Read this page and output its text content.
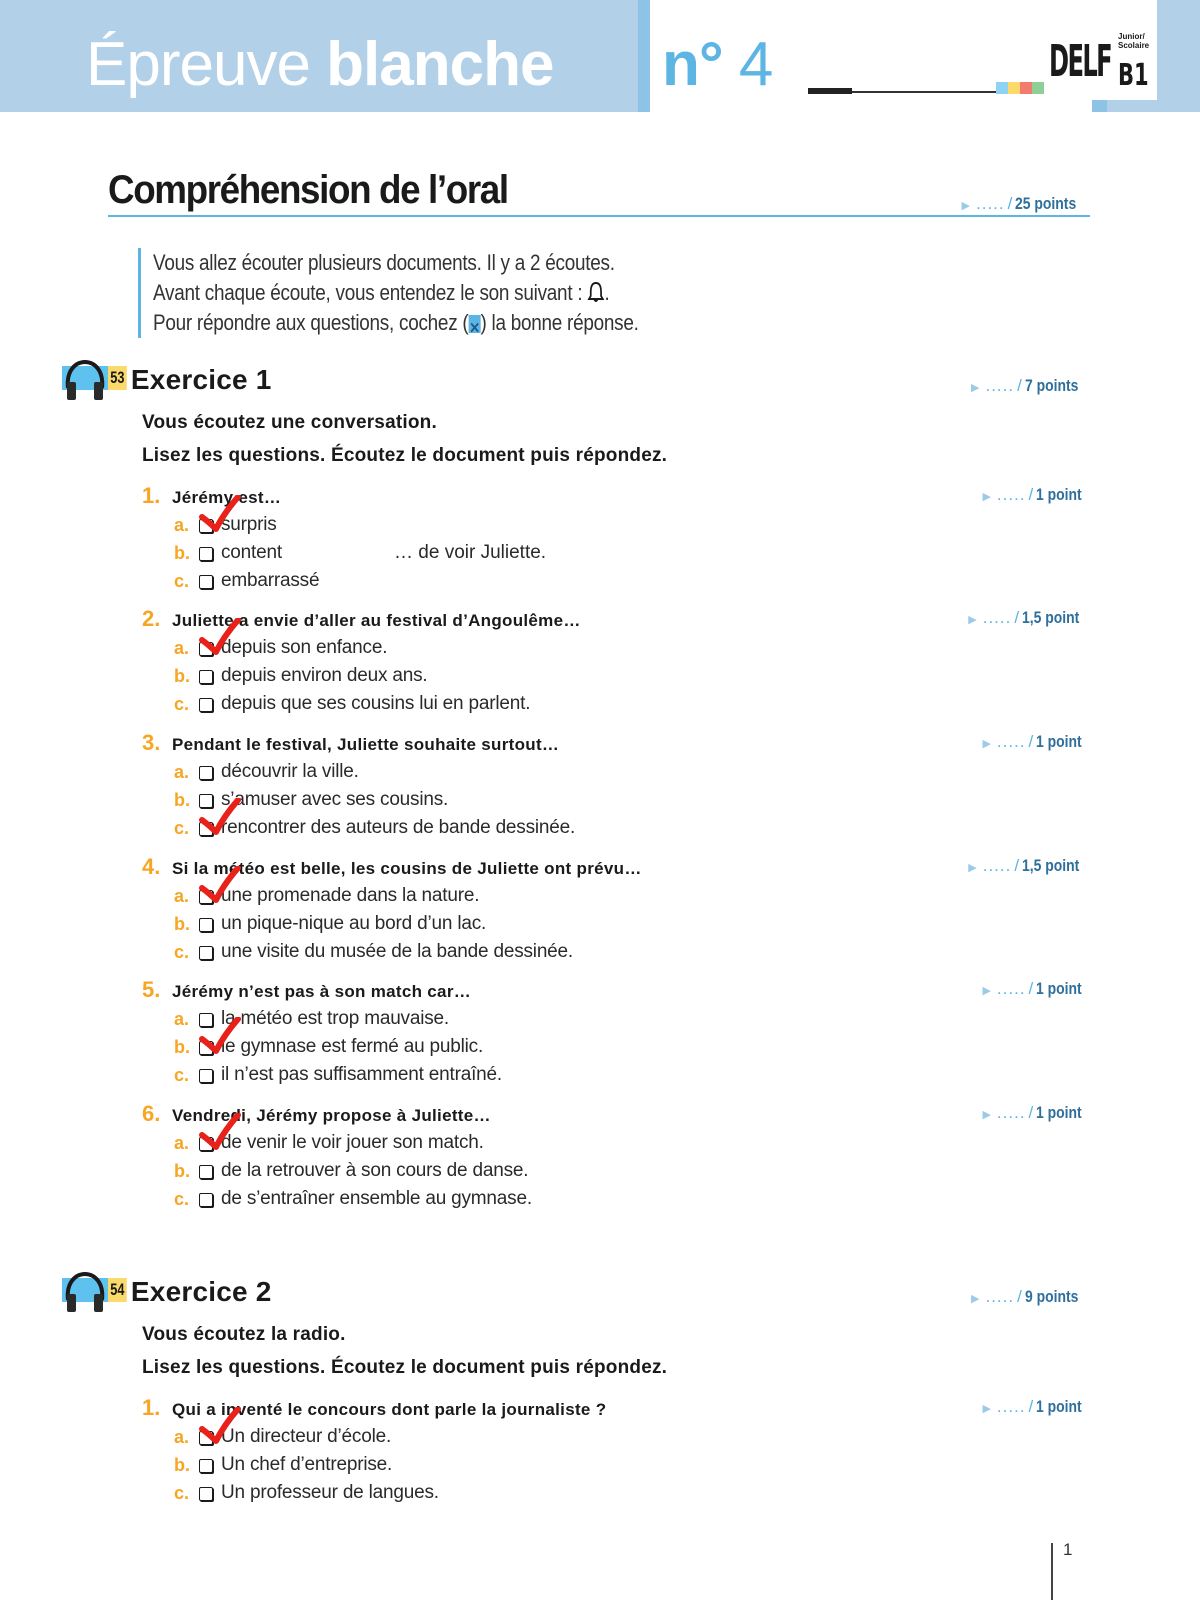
Épreuve blanche n° 4	DELF Junior/
Scolaire
B1
Compréhension de l’oral	▶ ..... / 25 points

Vous allez écouter plusieurs documents. Il y a 2 écoutes.

Avant chaque écoute, vous entendez le son suivant : .

Pour répondre aux questions, cochez ( ✕ ) la bonne réponse.

53 Exercice 1	▶ ..... / 7 points
Vous écoutez une conversation.
Lisez les questions. Écoutez le document puis répondez.
1. Jérémy est…	▶ ..... / 1 point
a.	surpris
b.	content	… de voir Juliette.
c.	embarrassé
2. Juliette a envie d’aller au festival d’Angoulême…	▶ ..... / 1,5 point
a.	depuis son enfance.
b.	depuis environ deux ans.
c.	depuis que ses cousins lui en parlent.
3. Pendant le festival, Juliette souhaite surtout…	▶ ..... / 1 point
a.	découvrir la ville.
b.	s’amuser avec ses cousins.
c.	rencontrer des auteurs de bande dessinée.
4. Si la météo est belle, les cousins de Juliette ont prévu…	▶ ..... / 1,5 point
a.	une promenade dans la nature.
b.	un pique-nique au bord d’un lac.
c.	une visite du musée de la bande dessinée.
5. Jérémy n’est pas à son match car…	▶ ..... / 1 point
a.	la météo est trop mauvaise.
b.	le gymnase est fermé au public.
c.	il n’est pas suffisamment entraîné.
6. Vendredi, Jérémy propose à Juliette…	▶ ..... / 1 point
a.	de venir le voir jouer son match.
b.	de la retrouver à son cours de danse.
c.	de s’entraîner ensemble au gymnase.
54 Exercice 2	▶ ..... / 9 points
Vous écoutez la radio.
Lisez les questions. Écoutez le document puis répondez.
1. Qui a inventé le concours dont parle la journaliste ?	▶ ..... / 1 point
a.	Un directeur d’école.
b.	Un chef d’entreprise.
c.	Un professeur de langues.
1
